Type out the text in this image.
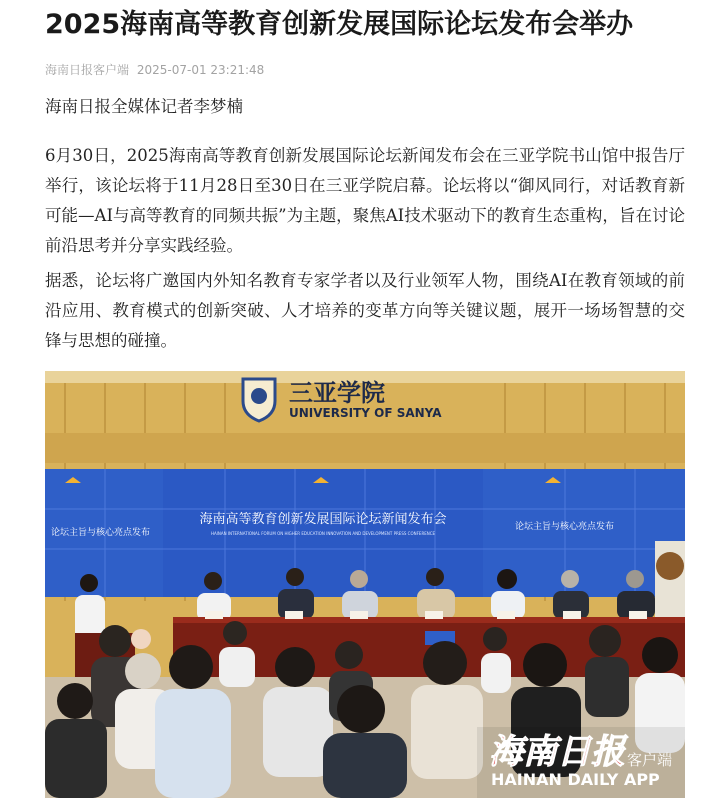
2025海南高等教育创新发展国际论坛发布会举办
海南日报客户端 2025-07-01 23:21:48
海南日报全媒体记者李梦楠

6月30日，2025海南高等教育创新发展国际论坛新闻发布会在三亚学院书山馆中报告厅举行，该论坛将于11月28日至30日在三亚学院启幕。论坛将以“御风同行，对话教育新可能—AI与高等教育的同频共振”为主题，聚焦AI技术驱动下的教育生态重构，旨在讨论前沿思考并分享实践经验。

据悉，论坛将广邀国内外知名教育专家学者以及行业领军人物，围绕AI在教育领域的前沿应用、教育模式的创新突破、人才培养的变革方向等关键议题，展开一场场智慧的交锋与思想的碰撞。

三亚学院
UNIVERSITY OF SANYA
海南高等教育创新发展国际论坛新闻发布会
HAINAN INTERNATIONAL FORUM ON HIGHER EDUCATION INNOVATION AND DEVELOPMENT PRESS CONFERENCE
论坛主旨与核心亮点发布
论坛主旨与核心亮点发布
海南日报 客户端
HAINAN DAILY APP
